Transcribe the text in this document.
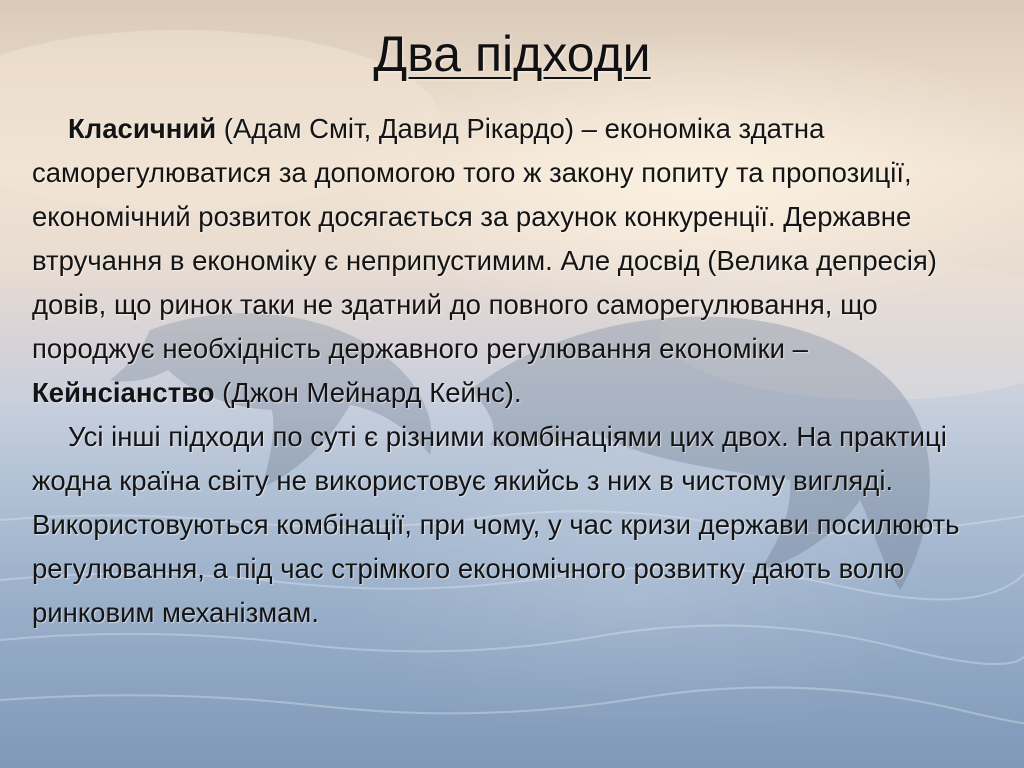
Два підходи

Класичний (Адам Сміт, Давид Рікардо) – економіка здатна саморегулюватися за допомогою того ж закону попиту та пропозиції, економічний розвиток досягається за рахунок конкуренції. Державне втручання в економіку є неприпустимим. Але досвід (Велика депресія) довів, що ринок таки не здатний до повного саморегулювання, що породжує необхідність державного регулювання економіки – Кейнсіанство (Джон Мейнард Кейнс).

Усі інші підходи по суті є різними комбінаціями цих двох. На практиці жодна країна світу не використовує якийсь з них в чистому вигляді. Використовуються комбінації, при чому, у час кризи держави посилюють регулювання, а під час стрімкого економічного розвитку дають волю ринковим механізмам.
